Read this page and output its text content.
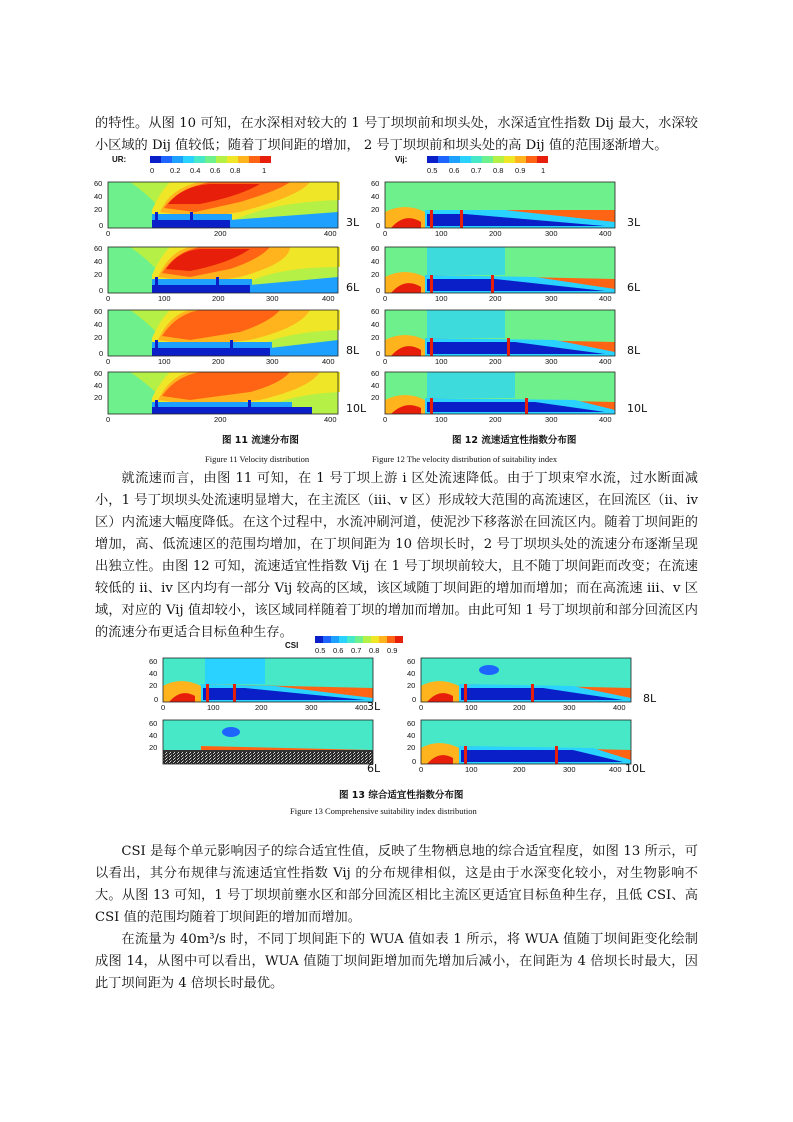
的特性。从图 10 可知，在水深相对较大的 1 号丁坝坝前和坝头处，水深适宜性指数 Dij 最大，水深较小区域的 Dij 值较低；随着丁坝间距的增加， 2 号丁坝坝前和坝头处的高 Dij 值的范围逐渐增大。

UR:
0 0.2 0.4 0.6 0.8	1
60
40
20
0
0	200	400
3L
60
40
20
0
0	100	200	300	400
6L
60
40
20
0
0	100	200	300	400
8L
60
40
20
0	200	400
10L
Vij:
0.5 0.6 0.7 0.8 0.9 1
60
40
20
0
0	100	200	300	400
3L
60
40
20
0
0	100	200	300	400
6L
60
40
20
0
0	100	200	300	400
8L
60
40
20
0	100	200	300	400
10L
图 11 流速分布图	图 12 流速适宜性指数分布图
Figure 11 Velocity distribution	Figure 12 The velocity distribution of suitability index

就流速而言，由图 11 可知，在 1 号丁坝上游 i 区处流速降低。由于丁坝束窄水流，过水断面减小，1 号丁坝坝头处流速明显增大，在主流区（iii、v 区）形成较大范围的高流速区，在回流区（ii、iv 区）内流速大幅度降低。在这个过程中，水流冲刷河道，使泥沙下移落淤在回流区内。随着丁坝间距的增加，高、低流速区的范围均增加，在丁坝间距为 10 倍坝长时，2 号丁坝坝头处的流速分布逐渐呈现出独立性。由图 12 可知，流速适宜性指数 Vij 在 1 号丁坝坝前较大，且不随丁坝间距而改变；在流速较低的 ii、iv 区内均有一部分 Vij 较高的区域，该区域随丁坝间距的增加而增加；而在高流速 iii、v 区域，对应的 Vij 值却较小，该区域同样随着丁坝的增加而增加。由此可知 1 号丁坝坝前和部分回流区内的流速分布更适合目标鱼种生存。

CSI
0.5 0.6 0.7 0.8 0.9
60
40
20
0
0	100	200	300	400 3L
60
40
20
0
0	100	200	300	400
8L
60
40
20
6L
60
40
20
0
0	100	200	300	400 10L
图 13 综合适宜性指数分布图
Figure 13 Comprehensive suitability index distribution

CSI 是每个单元影响因子的综合适宜性值，反映了生物栖息地的综合适宜程度，如图 13 所示，可以看出，其分布规律与流速适宜性指数 Vij 的分布规律相似，这是由于水深变化较小，对生物影响不大。从图 13 可知，1 号丁坝坝前壅水区和部分回流区相比主流区更适宜目标鱼种生存，且低 CSI、高 CSI 值的范围均随着丁坝间距的增加而增加。

在流量为 40m³/s 时，不同丁坝间距下的 WUA 值如表 1 所示，将 WUA 值随丁坝间距变化绘制成图 14，从图中可以看出，WUA 值随丁坝间距增加而先增加后减小，在间距为 4 倍坝长时最大，因此丁坝间距为 4 倍坝长时最优。
